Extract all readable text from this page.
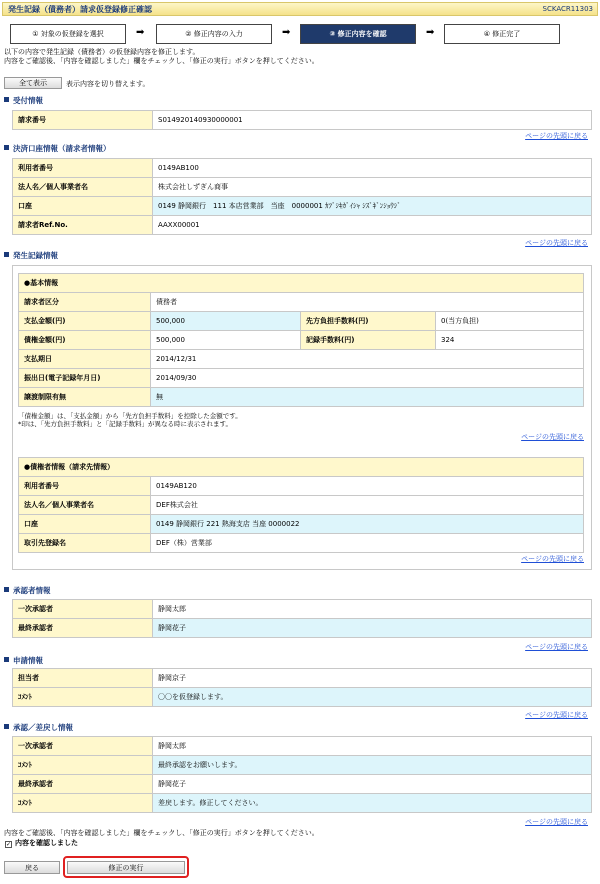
発生記録（債務者）請求仮登録修正確認	SCKACR11303
① 対象の仮登録を選択	➡	② 修正内容の入力	➡	③ 修正内容を確認	➡	④ 修正完了
以下の内容で発生記録（債務者）の仮登録内容を修正します。
内容をご確認後、「内容を確認しました」欄をチェックし、「修正の実行」ボタンを押してください。
全て表示	表示内容を切り替えます。
受付情報
請求番号	S014920140930000001
ページの先頭に戻る
決済口座情報（請求者情報）
利用者番号	0149AB100
法人名／個人事業者名	株式会社しずぎん商事
口座	0149 静岡銀行　111 本店営業部　当座　0000001 ｶﾌﾞｼｷｶﾞｲｼｬ ｼｽﾞｷﾞﾝｼｮｳｼﾞ
請求者Ref.No.	AAXX00001
ページの先頭に戻る
発生記録情報
●基本情報			
請求者区分	債務者		
支払金額(円)	500,000	先方負担手数料(円)	0(当方負担)
債権金額(円)	500,000	記録手数料(円)	324
支払期日	2014/12/31		
振出日(電子記録年月日)	2014/09/30		
譲渡制限有無	無		
「債権金額」は、「支払金額」から「先方負担手数料」を控除した金額です。
*印は、「先方負担手数料」と「記録手数料」が異なる時に表示されます。
ページの先頭に戻る
●債権者情報（請求先情報）	
利用者番号	0149AB120
法人名／個人事業者名	DEF株式会社
口座	0149 静岡銀行 221 熱海支店 当座 0000022
取引先登録名	DEF（株）営業部
ページの先頭に戻る
承認者情報
一次承認者	静岡太郎
最終承認者	静岡花子
ページの先頭に戻る
申請情報
担当者	静岡京子
ｺﾒﾝﾄ	〇〇を仮登録します。
ページの先頭に戻る
承認／差戻し情報
一次承認者	静岡太郎
ｺﾒﾝﾄ	最終承認をお願いします。
最終承認者	静岡花子
ｺﾒﾝﾄ	差戻します。修正してください。
ページの先頭に戻る
内容をご確認後、「内容を確認しました」欄をチェックし、「修正の実行」ボタンを押してください。
✓ 内容を確認しました
戻る	修正の実行
